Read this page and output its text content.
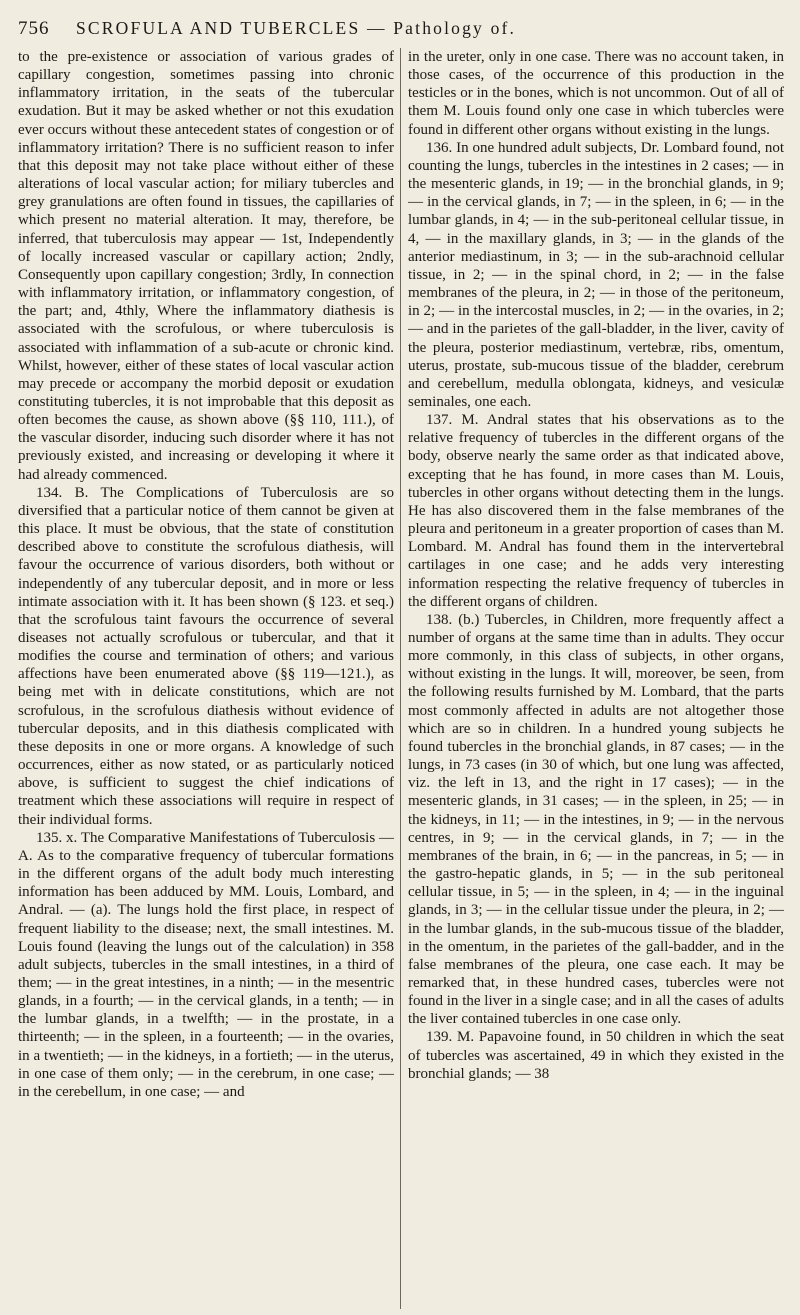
756 SCROFULA AND TUBERCLES — Pathology of.

to the pre-existence or association of various grades of capillary congestion, sometimes passing into chronic inflammatory irritation, in the seats of the tubercular exudation. But it may be asked whether or not this exudation ever occurs without these antecedent states of congestion or of inflammatory irritation? There is no sufficient reason to infer that this deposit may not take place without either of these alterations of local vascular action; for miliary tubercles and grey granulations are often found in tissues, the capillaries of which present no material alteration. It may, therefore, be inferred, that tuberculosis may appear — 1st, Independently of locally increased vascular or capillary action; 2ndly, Consequently upon capillary congestion; 3rdly, In connection with inflammatory irritation, or inflammatory congestion, of the part; and, 4thly, Where the inflammatory diathesis is associated with the scrofulous, or where tuberculosis is associated with inflammation of a sub-acute or chronic kind. Whilst, however, either of these states of local vascular action may precede or accompany the morbid deposit or exudation constituting tubercles, it is not improbable that this deposit as often becomes the cause, as shown above (§§ 110, 111.), of the vascular disorder, inducing such disorder where it has not previously existed, and increasing or developing it where it had already commenced.

134. B. The Complications of Tuberculosis are so diversified that a particular notice of them cannot be given at this place. It must be obvious, that the state of constitution described above to constitute the scrofulous diathesis, will favour the occurrence of various disorders, both without or independently of any tubercular deposit, and in more or less intimate association with it. It has been shown (§ 123. et seq.) that the scrofulous taint favours the occurrence of several diseases not actually scrofulous or tubercular, and that it modifies the course and termination of others; and various affections have been enumerated above (§§ 119—121.), as being met with in delicate constitutions, which are not scrofulous, in the scrofulous diathesis without evidence of tubercular deposits, and in this diathesis complicated with these deposits in one or more organs. A knowledge of such occurrences, either as now stated, or as particularly noticed above, is sufficient to suggest the chief indications of treatment which these associations will require in respect of their individual forms.

135. x. The Comparative Manifestations of Tuberculosis — A. As to the comparative frequency of tubercular formations in the different organs of the adult body much interesting information has been adduced by MM. Louis, Lombard, and Andral. — (a). The lungs hold the first place, in respect of frequent liability to the disease; next, the small intestines. M. Louis found (leaving the lungs out of the calculation) in 358 adult subjects, tubercles in the small intestines, in a third of them; — in the great intestines, in a ninth; — in the mesentric glands, in a fourth; — in the cervical glands, in a tenth; — in the lumbar glands, in a twelfth; — in the prostate, in a thirteenth; — in the spleen, in a fourteenth; — in the ovaries, in a twentieth; — in the kidneys, in a fortieth; — in the uterus, in one case of them only; — in the cerebrum, in one case; — in the cerebellum, in one case; — and

in the ureter, only in one case. There was no account taken, in those cases, of the occurrence of this production in the testicles or in the bones, which is not uncommon. Out of all of them M. Louis found only one case in which tubercles were found in different other organs without existing in the lungs.

136. In one hundred adult subjects, Dr. Lombard found, not counting the lungs, tubercles in the intestines in 2 cases; — in the mesenteric glands, in 19; — in the bronchial glands, in 9; — in the cervical glands, in 7; — in the spleen, in 6; — in the lumbar glands, in 4; — in the sub-peritoneal cellular tissue, in 4, — in the maxillary glands, in 3; — in the glands of the anterior mediastinum, in 3; — in the sub-arachnoid cellular tissue, in 2; — in the spinal chord, in 2; — in the false membranes of the pleura, in 2; — in those of the peritoneum, in 2; — in the intercostal muscles, in 2; — in the ovaries, in 2; — and in the parietes of the gall-bladder, in the liver, cavity of the pleura, posterior mediastinum, vertebræ, ribs, omentum, uterus, prostate, sub-mucous tissue of the bladder, cerebrum and cerebellum, medulla oblongata, kidneys, and vesiculæ seminales, one each.

137. M. Andral states that his observations as to the relative frequency of tubercles in the different organs of the body, observe nearly the same order as that indicated above, excepting that he has found, in more cases than M. Louis, tubercles in other organs without detecting them in the lungs. He has also discovered them in the false membranes of the pleura and peritoneum in a greater proportion of cases than M. Lombard. M. Andral has found them in the intervertebral cartilages in one case; and he adds very interesting information respecting the relative frequency of tubercles in the different organs of children.

138. (b.) Tubercles, in Children, more frequently affect a number of organs at the same time than in adults. They occur more commonly, in this class of subjects, in other organs, without existing in the lungs. It will, moreover, be seen, from the following results furnished by M. Lombard, that the parts most commonly affected in adults are not altogether those which are so in children. In a hundred young subjects he found tubercles in the bronchial glands, in 87 cases; — in the lungs, in 73 cases (in 30 of which, but one lung was affected, viz. the left in 13, and the right in 17 cases); — in the mesenteric glands, in 31 cases; — in the spleen, in 25; — in the kidneys, in 11; — in the intestines, in 9; — in the nervous centres, in 9; — in the cervical glands, in 7; — in the membranes of the brain, in 6; — in the pancreas, in 5; — in the gastro-hepatic glands, in 5; — in the sub peritoneal cellular tissue, in 5; — in the spleen, in 4; — in the inguinal glands, in 3; — in the cellular tissue under the pleura, in 2; — in the lumbar glands, in the sub-mucous tissue of the bladder, in the omentum, in the parietes of the gall-badder, and in the false membranes of the pleura, one case each. It may be remarked that, in these hundred cases, tubercles were not found in the liver in a single case; and in all the cases of adults the liver contained tubercles in one case only.

139. M. Papavoine found, in 50 children in which the seat of tubercles was ascertained, 49 in which they existed in the bronchial glands; — 38
